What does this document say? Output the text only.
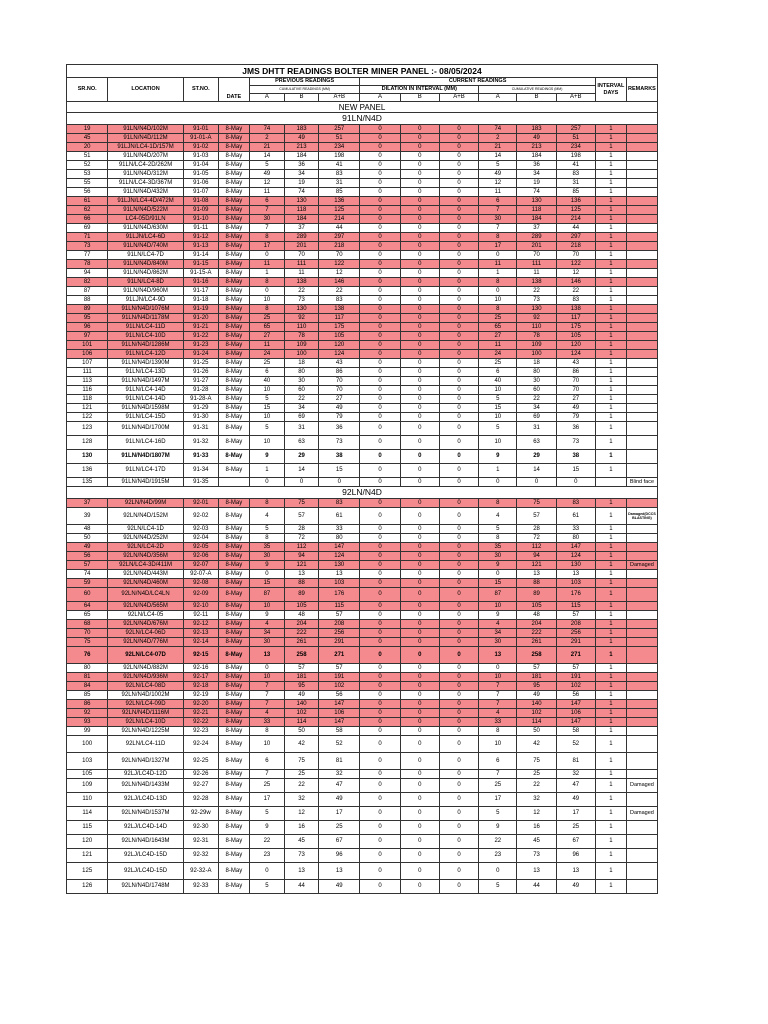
JMS DHTT READINGS BOLTER MINER PANEL :- 08/05/2024														
SR.NO.	LOCATION	ST.NO.	DATE	PREVIOUS READINGS			CURRENT READINGS						INTERVAL DAYS	REMARKS
				CUMULATIVE READINGS (MM)			DILATION IN INTERVAL (MM)			CUMULATIVE READINGS (MM)				
				A	B	A+B	A	B	A+B	A	B	A+B		
NEW PANEL														
91LN/N4D														
19	91LN/N4D/102M	91-01	8-May	74	183	257	0	0	0	74	183	257	1	
45	91LN/N4D/112M	91-01-A	8-May	2	49	51	0	0	0	2	49	51	1	
20	91LJN/LC4-1D/157M	91-02	8-May	21	213	234	0	0	0	21	213	234	1	
51	91LN/N4D/207M	91-03	8-May	14	184	198	0	0	0	14	184	198	1	
52	91LN/LC4-2D/262M	91-04	8-May	5	36	41	0	0	0	5	36	41	1	
53	91LN/N4D/312M	91-05	8-May	49	34	83	0	0	0	49	34	83	1	
55	91LN/LC4-3D/367M	91-06	8-May	12	19	31	0	0	0	12	19	31	1	
56	91LN/N4D/432M	91-07	8-May	11	74	85	0	0	0	11	74	85	1	
61	91LJN/LC4-4D/472M	91-08	8-May	6	130	136	0	0	0	6	130	136	1	
62	91LN/N4D/522M	91-09	8-May	7	118	125	0	0	0	7	118	125	1	
66	LC4-05D/91LN	91-10	8-May	30	184	214	0	0	0	30	184	214	1	
69	91LN/N4D/630M	91-11	8-May	7	37	44	0	0	0	7	37	44	1	
71	91LJN/LC4-6D	91-12	8-May	8	289	297	0	0	0	8	289	297	1	
73	91LN/N4D/740M	91-13	8-May	17	201	218	0	0	0	17	201	218	1	
77	91LN/LC4-7D	91-14	8-May	0	70	70	0	0	0	0	70	70	1	
78	91LN/N4D/840M	91-15	8-May	11	111	122	0	0	0	11	111	122	1	
94	91LN/N4D/862M	91-15-A	8-May	1	11	12	0	0	0	1	11	12	1	
82	91LN/LC4-8D	91-16	8-May	8	138	146	0	0	0	8	138	146	1	
87	91LN/N4D/960M	91-17	8-May	0	22	22	0	0	0	0	22	22	1	
88	91LJN/LC4-9D	91-18	8-May	10	73	83	0	0	0	10	73	83	1	
89	91LN/N4D/1076M	91-19	8-May	8	130	138	0	0	0	8	130	138	1	
95	91LN/N4D/1178M	91-20	8-May	25	92	117	0	0	0	25	92	117	1	
96	91LN/LC4-11D	91-21	8-May	65	110	175	0	0	0	65	110	175	1	
97	91LN/LC4-10D	91-22	8-May	27	78	105	0	0	0	27	78	105	1	
101	91LN/N4D/1286M	91-23	8-May	11	109	120	0	0	0	11	109	120	1	
106	91LN/LC4-12D	91-24	8-May	24	100	124	0	0	0	24	100	124	1	
107	91LN/N4D/1390M	91-25	8-May	25	18	43	0	0	0	25	18	43	1	
111	91LN/LC4-13D	91-26	8-May	6	80	86	0	0	0	6	80	86	1	
113	91LN/N4D/1497M	91-27	8-May	40	30	70	0	0	0	40	30	70	1	
116	91LN/LC4-14D	91-28	8-May	10	60	70	0	0	0	10	60	70	1	
118	91LN/LC4-14D	91-28-A	8-May	5	22	27	0	0	0	5	22	27	1	
121	91LN/N4D/1598M	91-29	8-May	15	34	49	0	0	0	15	34	49	1	
122	91LN/LC4-15D	91-30	8-May	10	69	79	0	0	0	10	69	79	1	
123	91LN/N4D/1700M	91-31	8-May	5	31	36	0	0	0	5	31	36	1	
128	91LN/LC4-16D	91-32	8-May	10	63	73	0	0	0	10	63	73	1	
130	91LN/N4D/1807M	91-33	8-May	9	29	38	0	0	0	9	29	38	1	
136	91LN/LC4-17D	91-34	8-May	1	14	15	0	0	0	1	14	15	1	
135	91LN/N4D/1915M	91-35		0	0	0	0	0	0	0	0	0		Blind face
92LN/N4D														
37	92LN/N4D/99M	92-01	8-May	8	75	83	0	0	0	8	75	83	1	
39	92LN/N4D/152M	92-02	8-May	4	57	61	0	0	0	4	57	61	1	Damaged(DCCS BLASTING)
48	92LN/LC4-1D	92-03	8-May	5	28	33	0	0	0	5	28	33	1	
50	92LN/N4D/252M	92-04	8-May	8	72	80	0	0	0	8	72	80	1	
49	92LN/LC4-2D	92-05	8-May	35	112	147	0	0	0	35	112	147	1	
56	92LN/N4D/356M	92-06	8-May	30	94	124	0	0	0	30	94	124	1	
57	92LN/LC4-3D/411M	92-07	8-May	9	121	130	0	0	0	9	121	130	1	Damaged
74	92LN/N4D/443M	92-07-A	8-May	0	13	13	0	0	0	0	13	13	1	
59	92LN/N4D/460M	92-08	8-May	15	88	103	0	0	0	15	88	103	1	
60	92LN/N4D/LC4LN	92-09	8-May	87	89	176	0	0	0	87	89	176	1	
64	92LN/N4D/565M	92-10	8-May	10	105	115	0	0	0	10	105	115	1	
65	92LN/LC4-05	92-11	8-May	9	48	57	0	0	0	9	48	57	1	
68	92LN/N4D/676M	92-12	8-May	4	204	208	0	0	0	4	204	208	1	
70	92LN/LC4-06D	92-13	8-May	34	222	256	0	0	0	34	222	256	1	
75	92LN/N4D/776M	92-14	8-May	30	261	291	0	0	0	30	261	291	1	
76	92LN/LC4-07D	92-15	8-May	13	258	271	0	0	0	13	258	271	1	
80	92LN/N4D/882M	92-16	8-May	0	57	57	0	0	0	0	57	57	1	
81	92LN/N4D/936M	92-17	8-May	10	181	191	0	0	0	10	181	191	1	
84	92LN/LC4-08D	92-18	8-May	7	95	102	0	0	0	7	95	102	1	
85	92LN/N4D/1002M	92-19	8-May	7	49	56	0	0	0	7	49	56	1	
86	92LN/LC4-09D	92-20	8-May	7	140	147	0	0	0	7	140	147	1	
92	92LN/N4D/1116M	92-21	8-May	4	102	106	0	0	0	4	102	106	1	
93	92LN/LC4-10D	92-22	8-May	33	114	147	0	0	0	33	114	147	1	
99	92LN/N4D/1225M	92-23	8-May	8	50	58	0	0	0	8	50	58	1	
100	92LN/LC4-11D	92-24	8-May	10	42	52	0	0	0	10	42	52	1	
103	92LN/N4D/1327M	92-25	8-May	6	75	81	0	0	0	6	75	81	1	
105	92LJ/LC4D-12D	92-26	8-May	7	25	32	0	0	0	7	25	32	1	
109	92LN/N4D/1433M	92-27	8-May	25	22	47	0	0	0	25	22	47	1	Damaged
110	92LJ/LC4D-13D	92-28	8-May	17	32	49	0	0	0	17	32	49	1	
114	92LN/N4D/1537M	92-29w	8-May	5	12	17	0	0	0	5	12	17	1	Damaged
115	92LJ/LC4D-14D	92-30	8-May	9	16	25	0	0	0	9	16	25	1	
120	92LN/N4D/1643M	92-31	8-May	22	45	67	0	0	0	22	45	67	1	
121	92LJ/LC4D-15D	92-32	8-May	23	73	96	0	0	0	23	73	96	1	
125	92LJ/LC4D-15D	92-32-A	8-May	0	13	13	0	0	0	0	13	13	1	
126	92LN/N4D/1748M	92-33	8-May	5	44	49	0	0	0	5	44	49	1	
